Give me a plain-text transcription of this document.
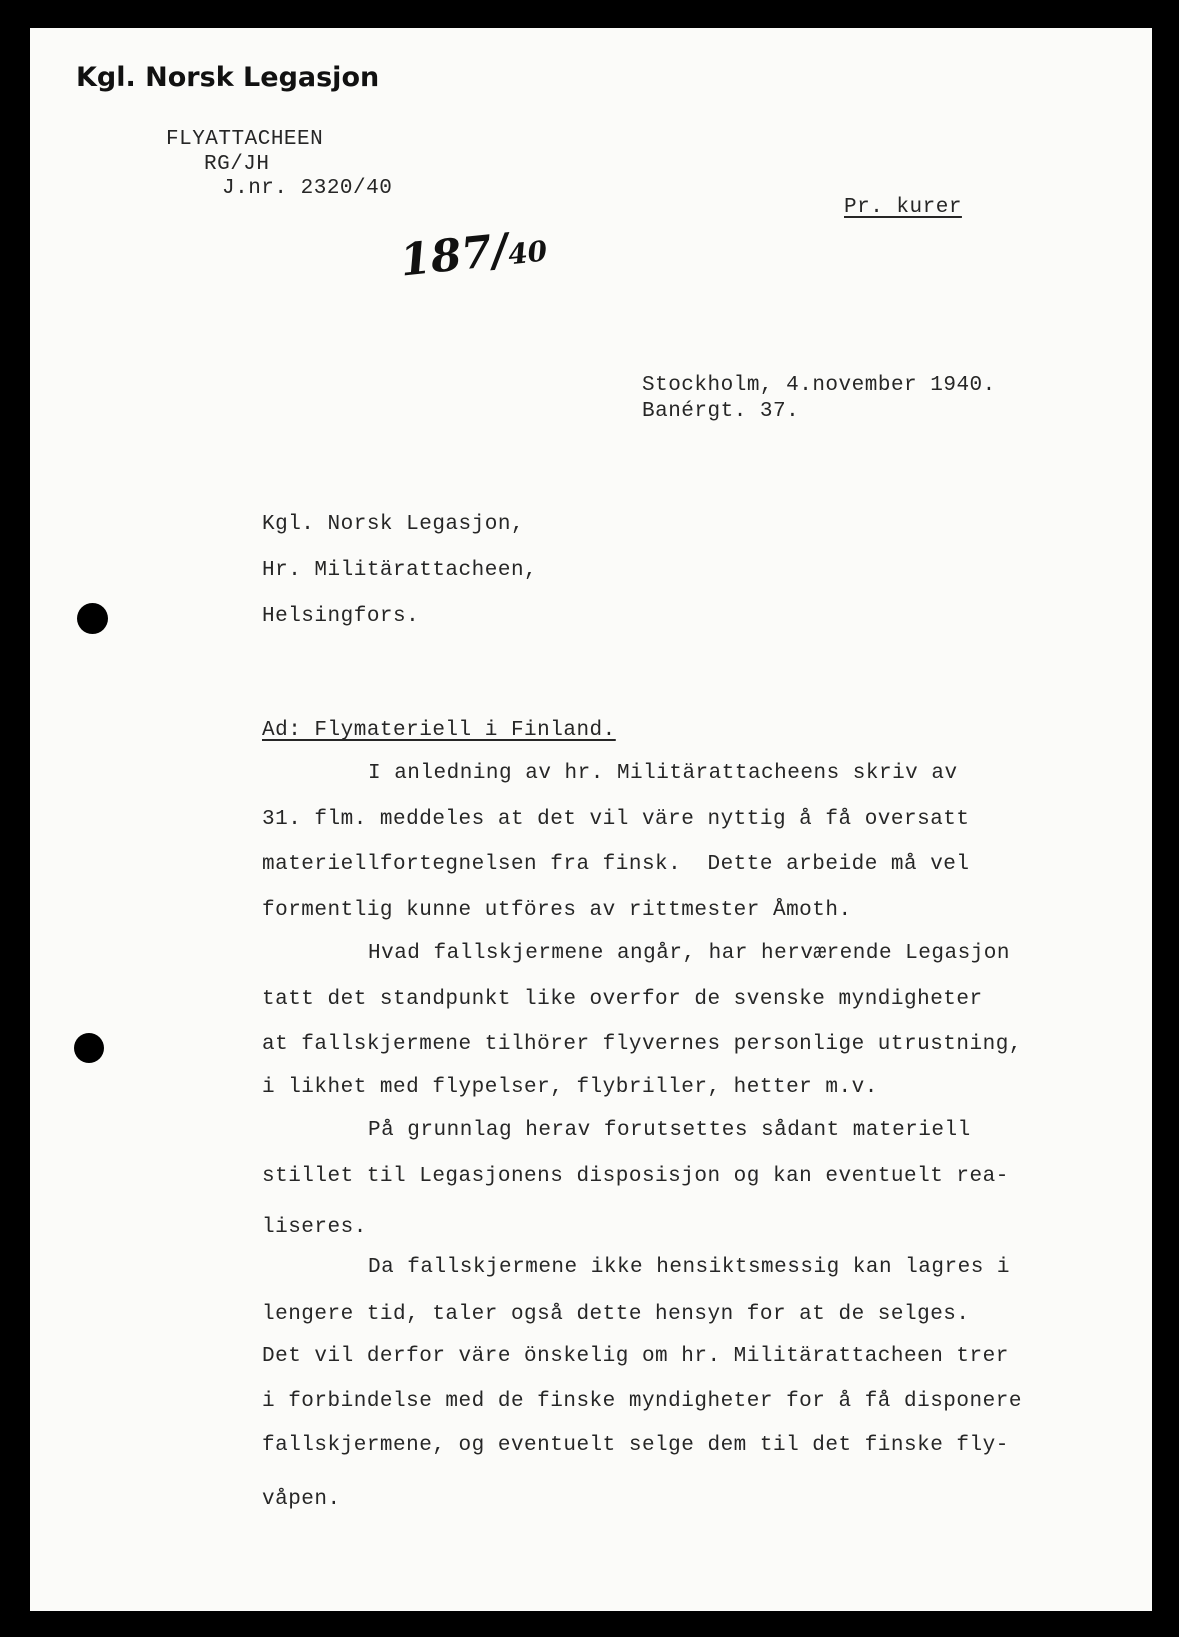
Kgl. Norsk Legasjon
FLYATTACHEEN
RG/JH
J.nr. 2320/40
Pr. kurer
187/40
Stockholm, 4.november 1940.
Banérgt. 37.
Kgl. Norsk Legasjon,
Hr. Militärattacheen,
Helsingfors.
Ad: Flymateriell i Finland.
I anledning av hr. Militärattacheens skriv av
31. flm. meddeles at det vil väre nyttig å få oversatt
materiellfortegnelsen fra finsk.  Dette arbeide må vel
formentlig kunne utföres av rittmester Åmoth.
Hvad fallskjermene angår, har herværende Legasjon
tatt det standpunkt like overfor de svenske myndigheter
at fallskjermene tilhörer flyvernes personlige utrustning,
i likhet med flypelser, flybriller, hetter m.v.
På grunnlag herav forutsettes sådant materiell
stillet til Legasjonens disposisjon og kan eventuelt rea-
liseres.
Da fallskjermene ikke hensiktsmessig kan lagres i
lengere tid, taler også dette hensyn for at de selges.
Det vil derfor väre önskelig om hr. Militärattacheen trer
i forbindelse med de finske myndigheter for å få disponere
fallskjermene, og eventuelt selge dem til det finske fly-
våpen.
